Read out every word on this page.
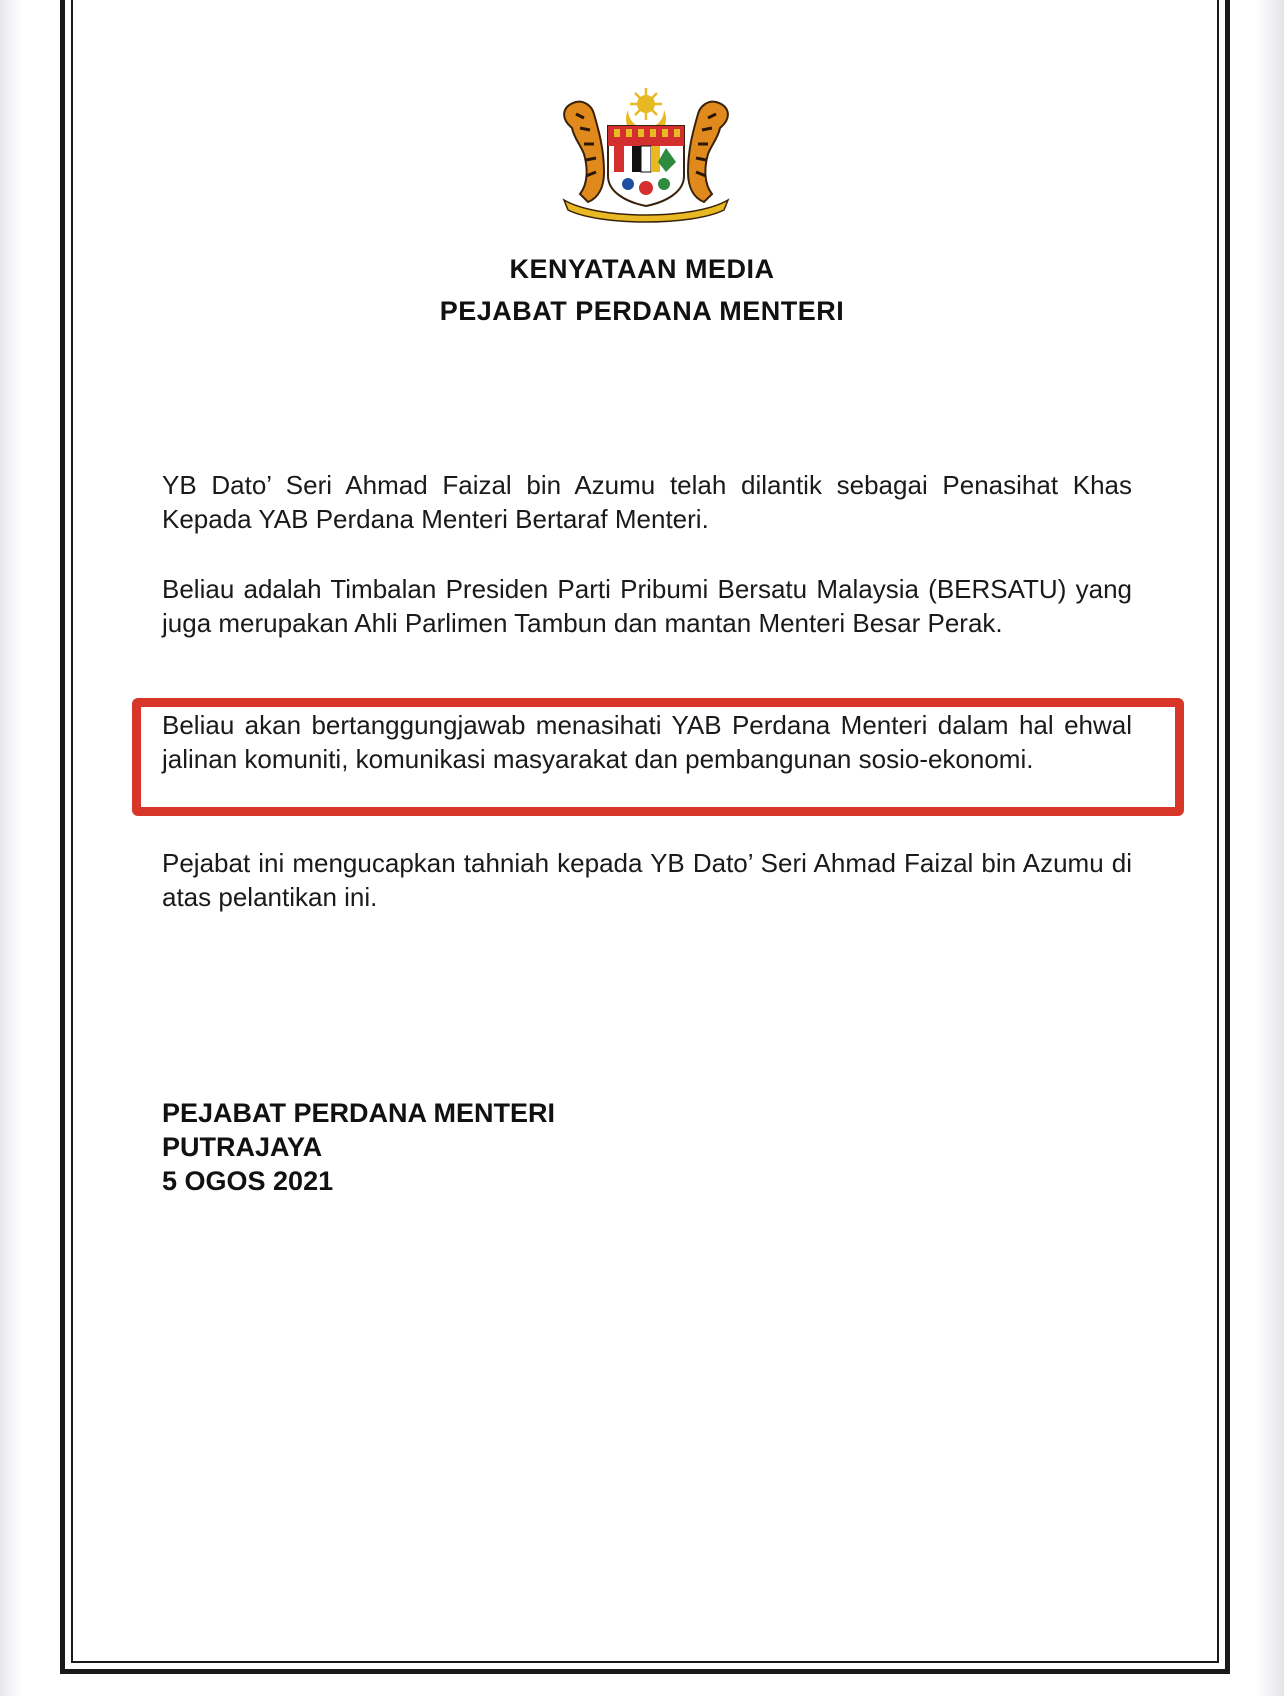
KENYATAAN MEDIA
PEJABAT PERDANA MENTERI

YB Dato’ Seri Ahmad Faizal bin Azumu telah dilantik sebagai Penasihat Khas Kepada YAB Perdana Menteri Bertaraf Menteri.

Beliau adalah Timbalan Presiden Parti Pribumi Bersatu Malaysia (BERSATU) yang juga merupakan Ahli Parlimen Tambun dan mantan Menteri Besar Perak.

Beliau akan bertanggungjawab menasihati YAB Perdana Menteri dalam hal ehwal jalinan komuniti, komunikasi masyarakat dan pembangunan sosio-ekonomi.

Pejabat ini mengucapkan tahniah kepada YB Dato’ Seri Ahmad Faizal bin Azumu di atas pelantikan ini.

PEJABAT PERDANA MENTERI
PUTRAJAYA
5 OGOS 2021
